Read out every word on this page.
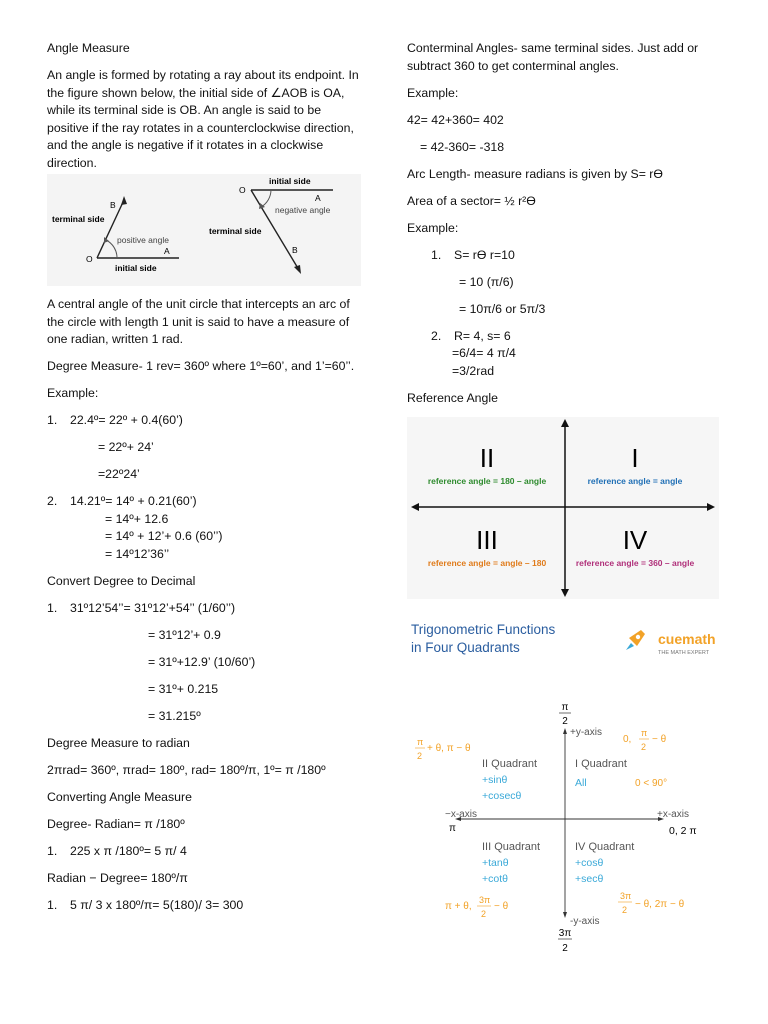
Angle Measure
An angle is formed by rotating a ray about its endpoint. In the figure shown below, the initial side of ∠AOB is OA, while its terminal side is OB. An angle is said to be positive if the ray rotates in a counterclockwise direction, and the angle is negative if it rotates in a clockwise direction.
terminal side
B
positive angle
O
A
initial side
O
initial side
A
negative angle
terminal side
B
A central angle of the unit circle that intercepts an arc of the circle with length 1 unit is said to have a measure of one radian, written 1 rad.
Degree Measure- 1 rev= 360º where 1º=60’, and 1’=60’’.
Example:
1.	22.4º= 22º + 0.4(60’)
= 22º+ 24’
=22º24’
2.	14.21º= 14º + 0.21(60’)
= 14º+ 12.6
= 14º + 12’+ 0.6 (60’’)
= 14º12’36’’
Convert Degree to Decimal
1.	31º12’54’’= 31º12’+54’’ (1/60’’)
= 31º12’+ 0.9
= 31º+12.9’ (10/60’)
= 31º+ 0.215
= 31.215º
Degree Measure to radian
2πrad= 360º, πrad= 180º, rad= 180º/π, 1º= π /180º
Converting Angle Measure
Degree- Radian= π /180º
1.	225 x π /180º= 5 π/ 4
Radian − Degree= 180º/π
1.	5 π/ 3 x 180º/π= 5(180)/ 3= 300
Conterminal Angles- same terminal sides. Just add or subtract 360 to get conterminal angles.
Example:
42= 42+360= 402
= 42-360= -318
Arc Length- measure radians is given by S= rϴ
Area of a sector= ½ r²ϴ
Example:
1.	S= rϴ r=10
= 10 (π/6)
= 10π/6 or 5π/3
2.	R= 4, s= 6
=6/4= 4 π/4
=3/2rad
Reference Angle
II
reference angle = 180 – angle
I
reference angle = angle
III
reference angle = angle – 180
IV
reference angle = 360 – angle
Trigonometric Functions
in Four Quadrants
cuemath
THE MATH EXPERT
π
2
+y-axis
-y-axis
3π
2
+x-axis
0, 2 π
−x-axis
π
I Quadrant
All	0 < 90°
II Quadrant
+sinθ
+cosecθ
III Quadrant
+tanθ
+cotθ
IV Quadrant
+cosθ
+secθ
0,
π
2
− θ
π
2
+ θ, π − θ
π + θ,
3π
2
− θ
3π
2 − θ, 2π − θ
